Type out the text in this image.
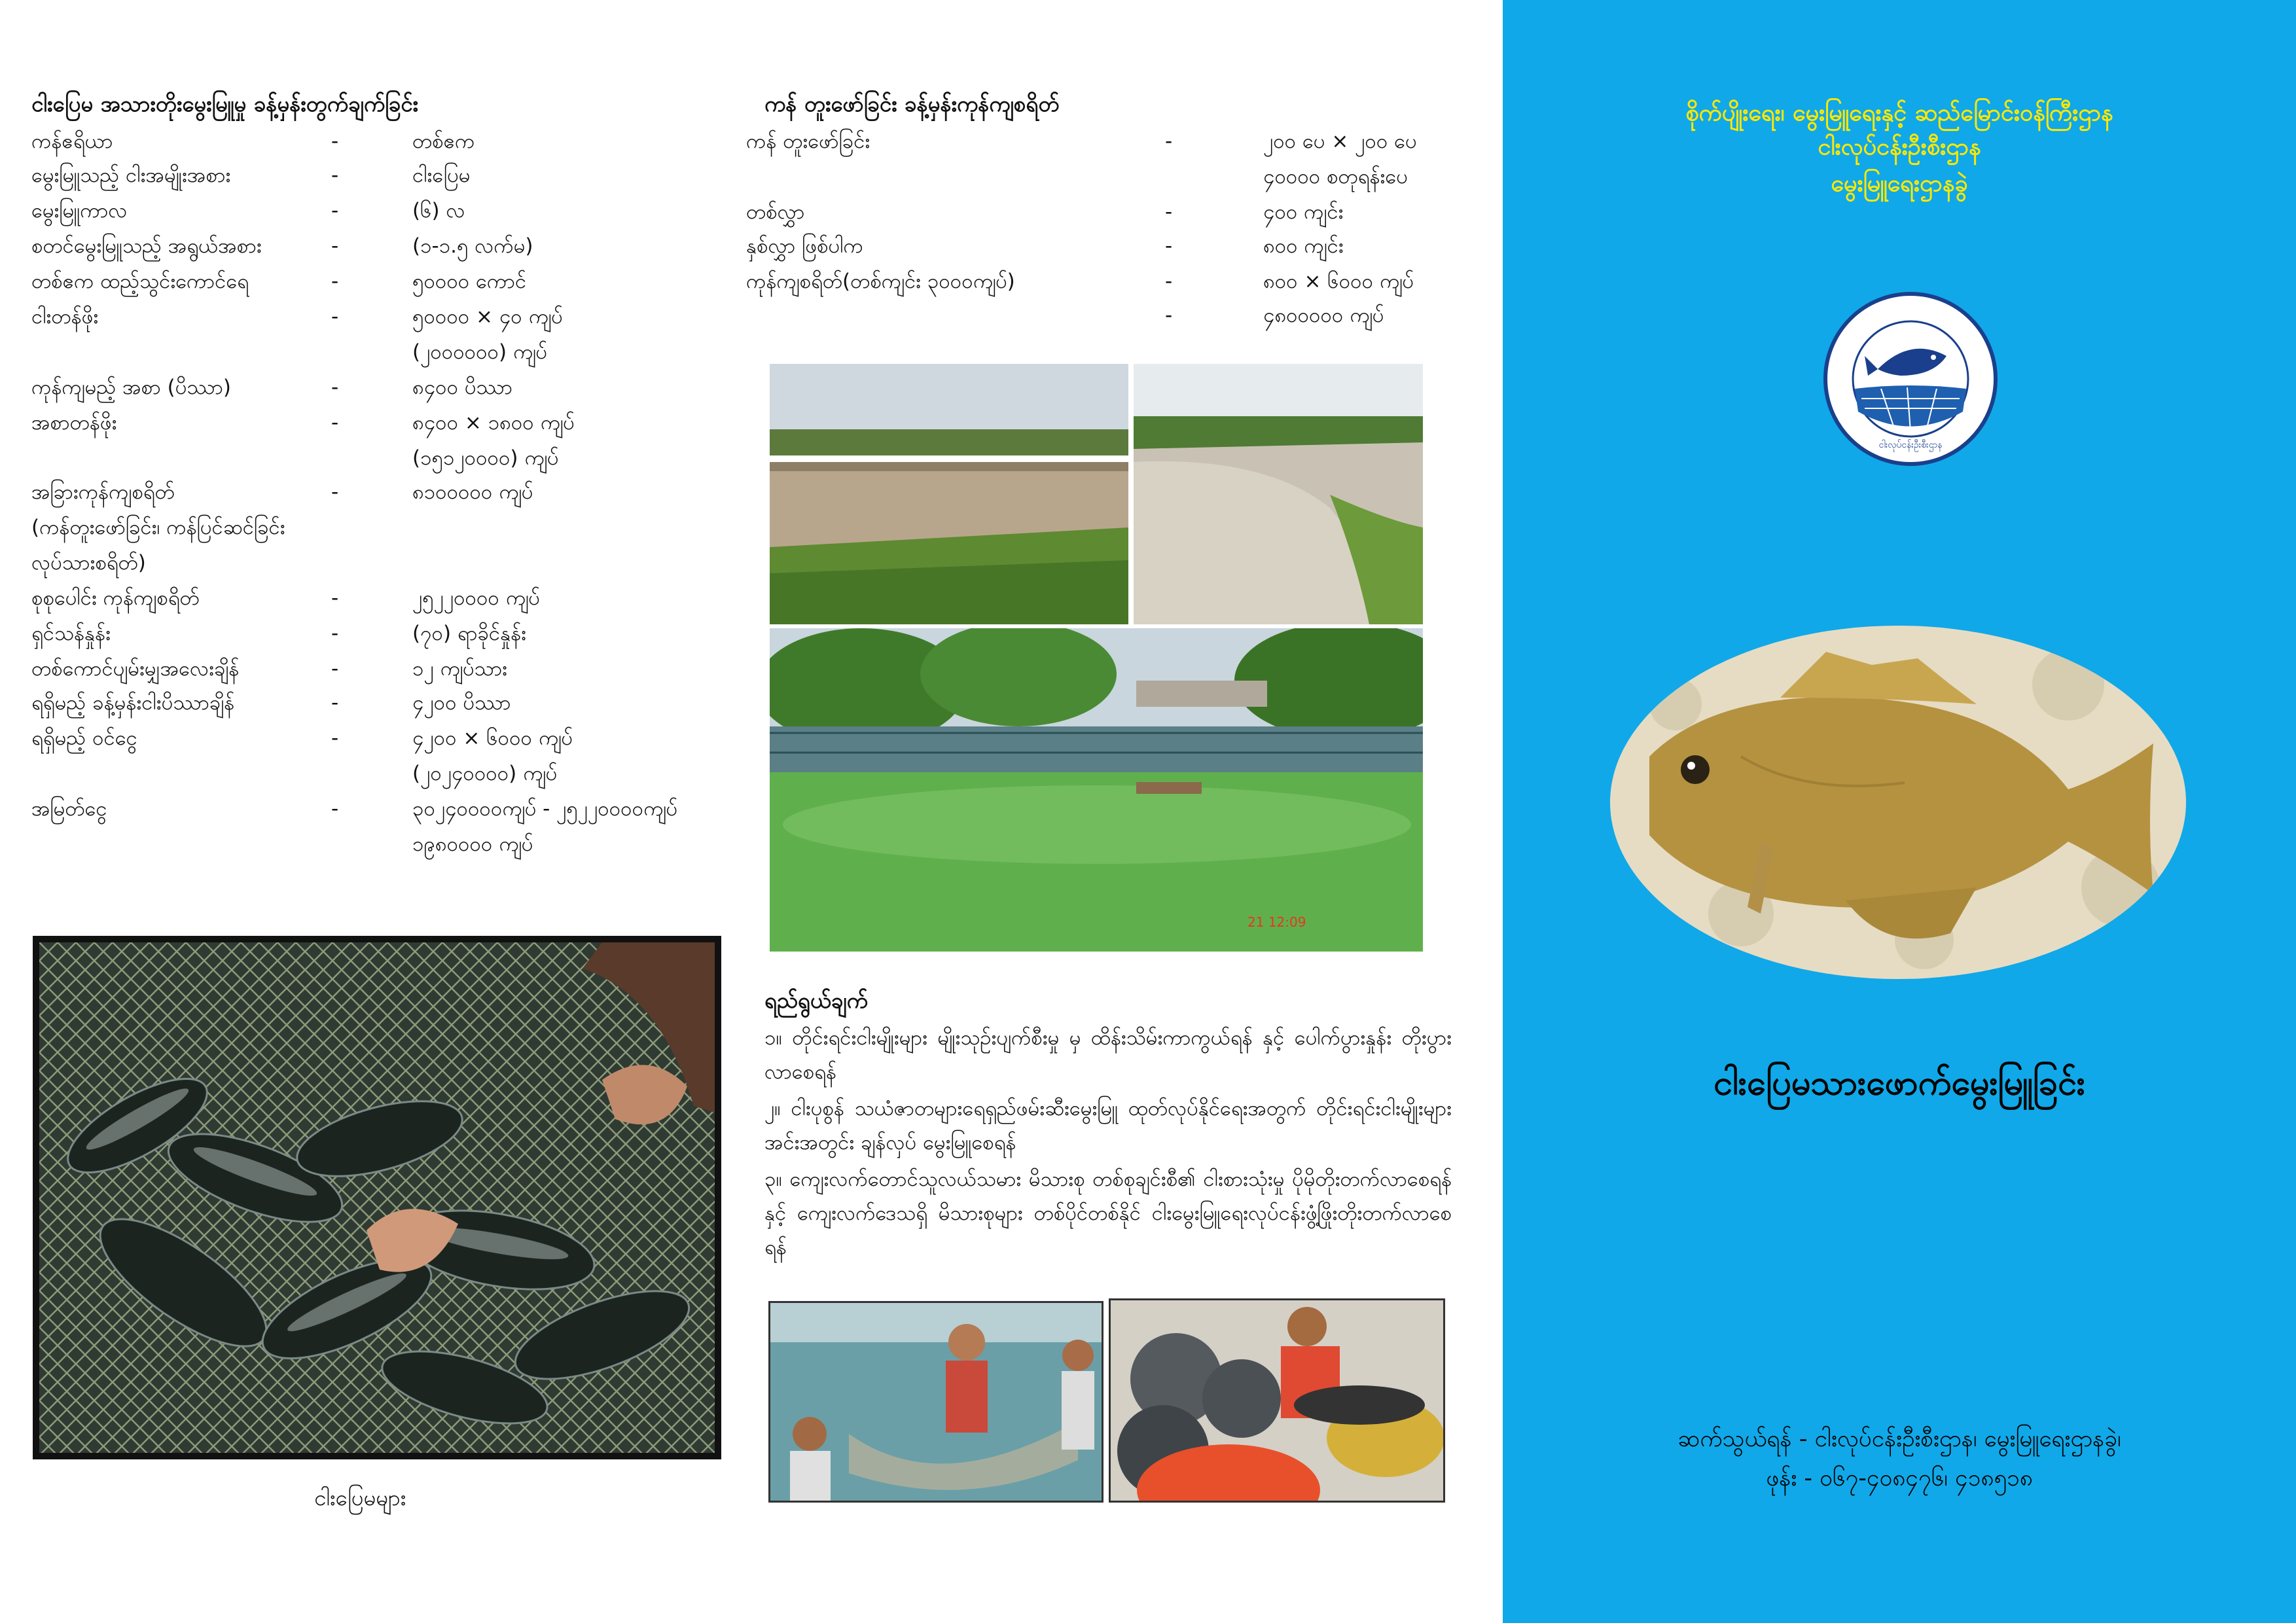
ငါးပြေမ အသားတိုးမွေးမြူမှု ခန့်မှန်းတွက်ချက်ခြင်း
ကန်ဧရိယာ	-	တစ်ဧက
မွေးမြူသည့် ငါးအမျိုးအစား	-	ငါးပြေမ
မွေးမြူကာလ	-	(၆) လ
စတင်မွေးမြူသည့် အရွယ်အစား	-	(၁-၁.၅ လက်မ)
တစ်ဧက ထည့်သွင်းကောင်ရေ	-	၅၀၀၀၀ ကောင်
ငါးတန်ဖိုး	-	၅၀၀၀၀ × ၄၀ ကျပ်
(၂၀၀၀၀၀၀) ကျပ်
ကုန်ကျမည့် အစာ (ပိဿာ)	-	၈၄၀၀ ပိဿာ
အစာတန်ဖိုး	-	၈၄၀၀ × ၁၈၀၀ ကျပ်
(၁၅၁၂၀၀၀၀) ကျပ်
အခြားကုန်ကျစရိတ်
(ကန်တူးဖော်ခြင်း၊ ကန်ပြင်ဆင်ခြင်း
လုပ်သားစရိတ်)
-	၈၁၀၀၀၀၀ ကျပ်
စုစုပေါင်း ကုန်ကျစရိတ်	-	၂၅၂၂၀၀၀၀ ကျပ်
ရှင်သန်နှုန်း	-	(၇၀) ရာခိုင်နှုန်း
တစ်ကောင်ပျမ်းမျှအလေးချိန်	-	၁၂ ကျပ်သား
ရရှိမည့် ခန့်မှန်းငါးပိဿာချိန်	-	၄၂၀၀ ပိဿာ
ရရှိမည့် ဝင်ငွေ	-	၄၂၀၀ × ၆၀၀၀ ကျပ်
(၂၀၂၄၀၀၀၀) ကျပ်
အမြတ်ငွေ	-	၃၀၂၄၀၀၀၀ကျပ် - ၂၅၂၂၀၀၀၀ကျပ်
၁၉၈၀၀၀၀ ကျပ်
ငါးပြေမများ
ကန် တူးဖော်ခြင်း ခန့်မှန်းကုန်ကျစရိတ်
ကန် တူးဖော်ခြင်း	-	၂၀၀ ပေ × ၂၀၀ ပေ
၄၀၀၀၀ စတုရန်းပေ
တစ်လွှာ	-	၄၀၀ ကျင်း
နှစ်လွှာ ဖြစ်ပါက	-	၈၀၀ ကျင်း
ကုန်ကျစရိတ်(တစ်ကျင်း ၃၀၀၀ကျပ်)	-	၈၀၀ × ၆၀၀၀ ကျပ်
-	၄၈၀၀၀၀၀ ကျပ်
21 12:09
ရည်ရွယ်ချက်
၁။ တိုင်းရင်းငါးမျိုးများ မျိုးသုဉ်းပျက်စီးမှု မှ ထိန်းသိမ်းကာကွယ်ရန် နှင့် ပေါက်ပွားနှုန်း တိုးပွားလာစေရန်
၂။ ငါးပုစွန် သယံဇာတများရေရှည်ဖမ်းဆီးမွေးမြူ ထုတ်လုပ်နိုင်ရေးအတွက် တိုင်းရင်းငါးမျိုးများ အင်းအတွင်း ချန်လှပ် မွေးမြူစေရန်
၃။ ကျေးလက်တောင်သူလယ်သမား မိသားစု တစ်စုချင်းစီ၏ ငါးစားသုံးမှု ပိုမိုတိုးတက်လာစေရန် နှင့် ကျေးလက်ဒေသရှိ မိသားစုများ တစ်ပိုင်တစ်နိုင် ငါးမွေးမြူရေးလုပ်ငန်းဖွံ့ဖြိုးတိုးတက်လာစေရန်
စိုက်ပျိုးရေး၊ မွေးမြူရေးနှင့် ဆည်မြောင်းဝန်ကြီးဌာန
ငါးလုပ်ငန်းဦးစီးဌာန
မွေးမြူရေးဌာနခွဲ
ငါးလုပ်ငန်းဦးစီးဌာန
ငါးပြေမသားဖောက်မွေးမြူခြင်း
ဆက်သွယ်ရန် - ငါးလုပ်ငန်းဦးစီးဌာန၊ မွေးမြူရေးဌာနခွဲ၊
ဖုန်း - ၀၆၇-၄၀၈၄၇၆၊ ၄၁၈၅၁၈
